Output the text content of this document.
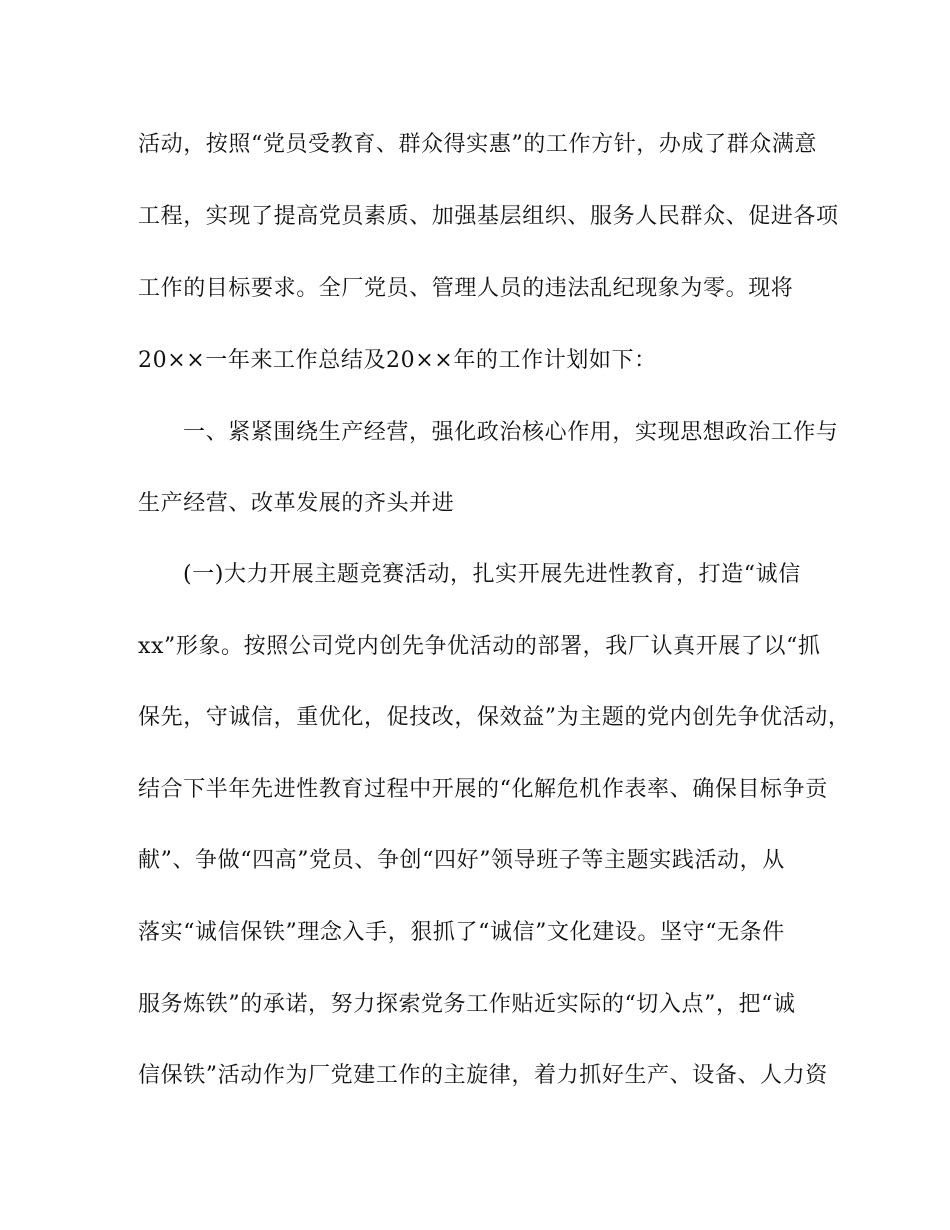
活动，按照“党员受教育、群众得实惠”的工作方针，办成了群众满意
工程，实现了提高党员素质、加强基层组织、服务人民群众、促进各项
工作的目标要求。全厂党员、管理人员的违法乱纪现象为零。现将
20××一年来工作总结及20××年的工作计划如下：
一、紧紧围绕生产经营，强化政治核心作用，实现思想政治工作与
生产经营、改革发展的齐头并进
(一)大力开展主题竞赛活动，扎实开展先进性教育，打造“诚信
xx”形象。按照公司党内创先争优活动的部署，我厂认真开展了以“抓
保先，守诚信，重优化，促技改，保效益”为主题的党内创先争优活动，
结合下半年先进性教育过程中开展的“化解危机作表率、确保目标争贡
献”、争做“四高”党员、争创“四好”领导班子等主题实践活动，从
落实“诚信保铁”理念入手，狠抓了“诚信”文化建设。坚守“无条件
服务炼铁”的承诺，努力探索党务工作贴近实际的“切入点”，把“诚
信保铁”活动作为厂党建工作的主旋律，着力抓好生产、设备、人力资
